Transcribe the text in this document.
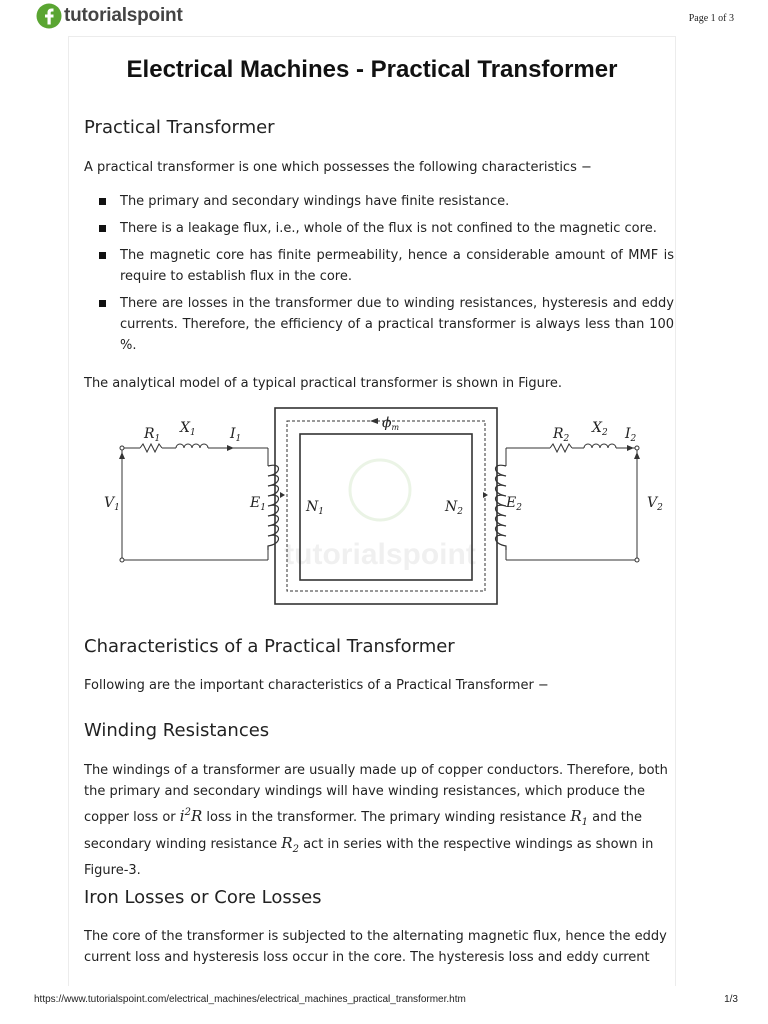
tutorialspoint	Page 1 of 3
Electrical Machines - Practical Transformer
Practical Transformer

A practical transformer is one which possesses the following characteristics −

The primary and secondary windings have finite resistance.
There is a leakage flux, i.e., whole of the flux is not confined to the magnetic core.
The magnetic core has finite permeability, hence a considerable amount of MMF is require to establish flux in the core.
There are losses in the transformer due to winding resistances, hysteresis and eddy currents. Therefore, the efficiency of a practical transformer is always less than 100 %.

The analytical model of a typical practical transformer is shown in Figure.

tutorialspoint
$R_1$
$X_1$ $I_1$
$\phi_m$	$R_2$
$X_2$ $I_2$
$V_1$	$E_1$	$N_1$	$N_2$
$E_2$	$V_2$
Characteristics of a Practical Transformer

Following are the important characteristics of a Practical Transformer −

Winding Resistances

The windings of a transformer are usually made up of copper conductors. Therefore, both the primary and secondary windings will have winding resistances, which produce the copper loss or $i^2R$ loss in the transformer. The primary winding resistance $R_1$ and the secondary winding resistance $R_2$ act in series with the respective windings as shown in Figure-3.

Iron Losses or Core Losses

The core of the transformer is subjected to the alternating magnetic flux, hence the eddy current loss and hysteresis loss occur in the core. The hysteresis loss and eddy current

https://www.tutorialspoint.com/electrical_machines/electrical_machines_practical_transformer.htm	1/3
